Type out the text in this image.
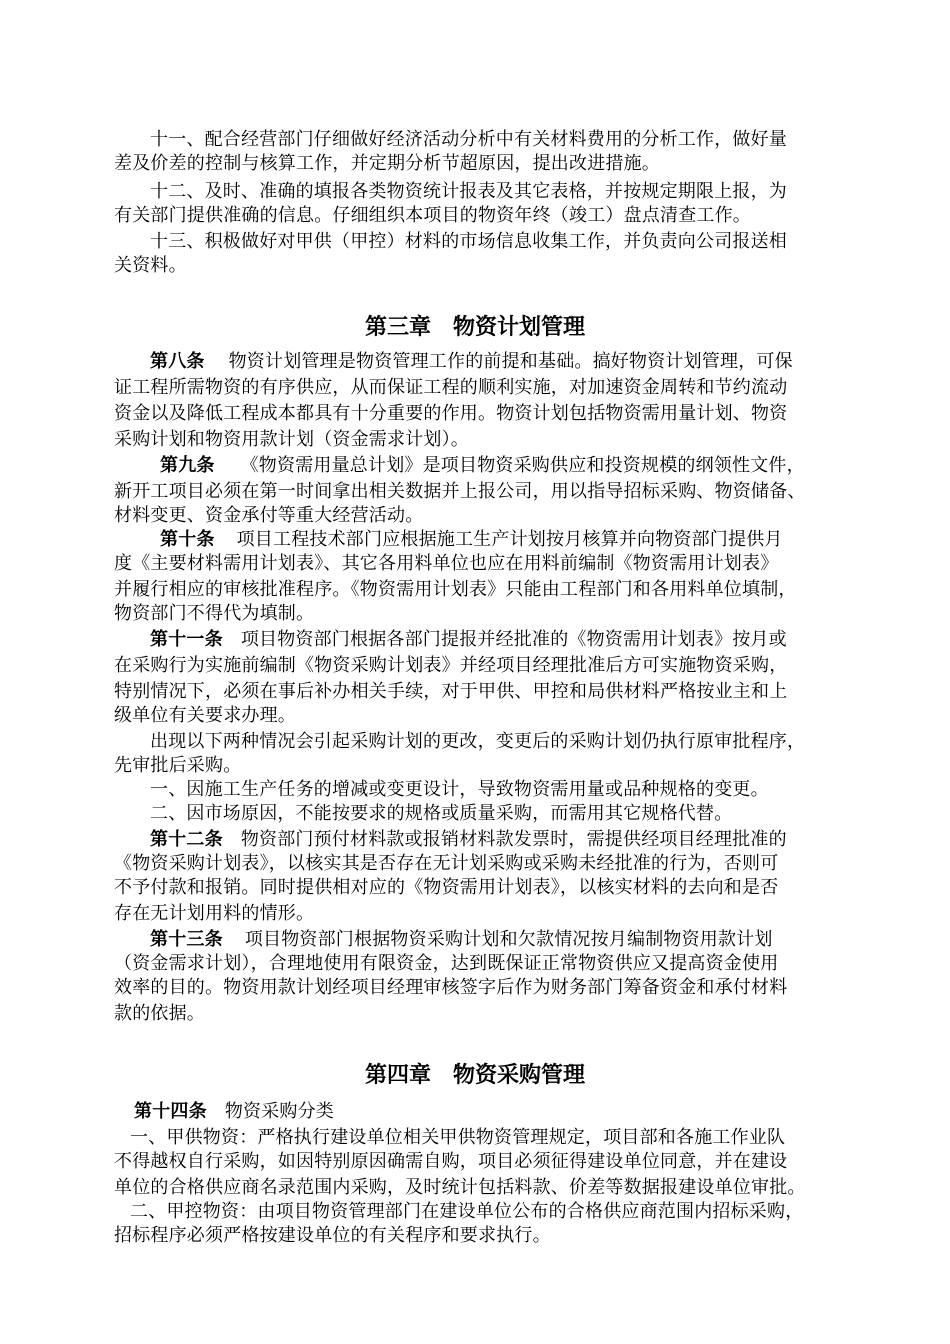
十一、配合经营部门仔细做好经济活动分析中有关材料费用的分析工作，做好量
差及价差的控制与核算工作，并定期分析节超原因，提出改进措施。
十二、及时、准确的填报各类物资统计报表及其它表格，并按规定期限上报，为
有关部门提供准确的信息。仔细组织本项目的物资年终（竣工）盘点清查工作。
十三、积极做好对甲供（甲控）材料的市场信息收集工作，并负责向公司报送相
关资料。
第三章　物资计划管理
第八条 物资计划管理是物资管理工作的前提和基础。搞好物资计划管理，可保
证工程所需物资的有序供应，从而保证工程的顺利实施，对加速资金周转和节约流动
资金以及降低工程成本都具有十分重要的作用。物资计划包括物资需用量计划、物资
采购计划和物资用款计划（资金需求计划）。
第九条 《物资需用量总计划》是项目物资采购供应和投资规模的纲领性文件，
新开工项目必须在第一时间拿出相关数据并上报公司，用以指导招标采购、物资储备、
材料变更、资金承付等重大经营活动。
第十条 项目工程技术部门应根据施工生产计划按月核算并向物资部门提供月
度《主要材料需用计划表》、其它各用料单位也应在用料前编制《物资需用计划表》
并履行相应的审核批准程序。《物资需用计划表》只能由工程部门和各用料单位填制，
物资部门不得代为填制。
第十一条 项目物资部门根据各部门提报并经批准的《物资需用计划表》按月或
在采购行为实施前编制《物资采购计划表》并经项目经理批准后方可实施物资采购，
特别情况下，必须在事后补办相关手续，对于甲供、甲控和局供材料严格按业主和上
级单位有关要求办理。
出现以下两种情况会引起采购计划的更改，变更后的采购计划仍执行原审批程序，
先审批后采购。
一、因施工生产任务的增减或变更设计，导致物资需用量或品种规格的变更。
二、因市场原因，不能按要求的规格或质量采购，而需用其它规格代替。
第十二条 物资部门预付材料款或报销材料款发票时，需提供经项目经理批准的
《物资采购计划表》，以核实其是否存在无计划采购或采购未经批准的行为，否则可
不予付款和报销。同时提供相对应的《物资需用计划表》，以核实材料的去向和是否
存在无计划用料的情形。
第十三条 项目物资部门根据物资采购计划和欠款情况按月编制物资用款计划
（资金需求计划），合理地使用有限资金，达到既保证正常物资供应又提高资金使用
效率的目的。物资用款计划经项目经理审核签字后作为财务部门筹备资金和承付材料
款的依据。
第四章　物资采购管理
第十四条 物资采购分类
一、甲供物资：严格执行建设单位相关甲供物资管理规定，项目部和各施工作业队
不得越权自行采购，如因特别原因确需自购，项目必须征得建设单位同意，并在建设
单位的合格供应商名录范围内采购，及时统计包括料款、价差等数据报建设单位审批。
二、甲控物资：由项目物资管理部门在建设单位公布的合格供应商范围内招标采购，
招标程序必须严格按建设单位的有关程序和要求执行。
